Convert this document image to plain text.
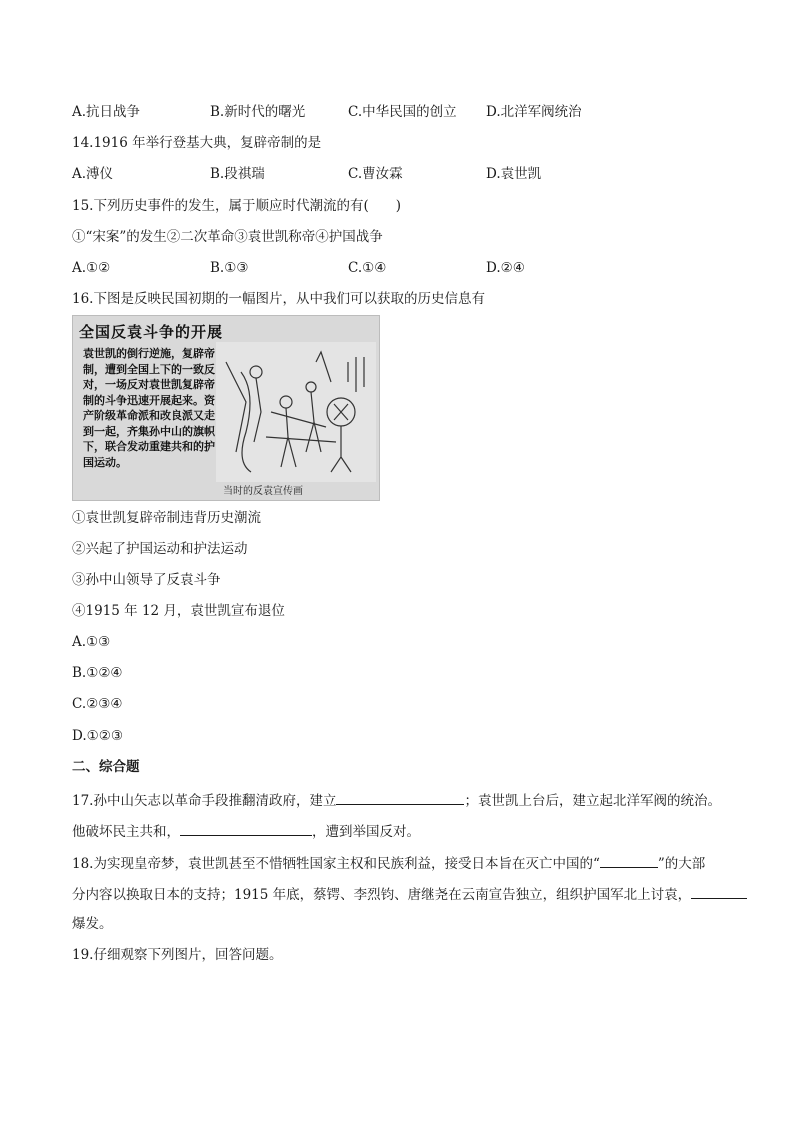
A.抗日战争	B.新时代的曙光	C.中华民国的创立 D.北洋军阀统治
14.1916 年举行登基大典，复辟帝制的是
A.溥仪	B.段祺瑞	C.曹汝霖	D.袁世凯
15.下列历史事件的发生，属于顺应时代潮流的有(　　)
①“宋案”的发生②二次革命③袁世凯称帝④护国战争
A.①②	B.①③	C.①④	D.②④
16.下图是反映民国初期的一幅图片，从中我们可以获取的历史信息有
全国反袁斗争的开展
袁世凯的倒行逆施，复辟帝制，遭到全国上下的一致反对，一场反对袁世凯复辟帝制的斗争迅速开展起来。资产阶级革命派和改良派又走到一起，齐集孙中山的旗帜下，联合发动重建共和的护国运动。
当时的反袁宣传画
①袁世凯复辟帝制违背历史潮流
②兴起了护国运动和护法运动
③孙中山领导了反袁斗争
④1915 年 12 月，袁世凯宣布退位
A.①③
B.①②④
C.②③④
D.①②③
二、综合题
17.孙中山矢志以革命手段推翻清政府，建立	；袁世凯上台后，建立起北洋军阀的统治。
他破坏民主共和，	，遭到举国反对。
18.为实现皇帝梦，袁世凯甚至不惜牺牲国家主权和民族利益，接受日本旨在灭亡中国的“	”的大部
分内容以换取日本的支持；1915 年底，蔡锷、李烈钧、唐继尧在云南宣告独立，组织护国军北上讨袁，
爆发。
19.仔细观察下列图片，回答问题。
